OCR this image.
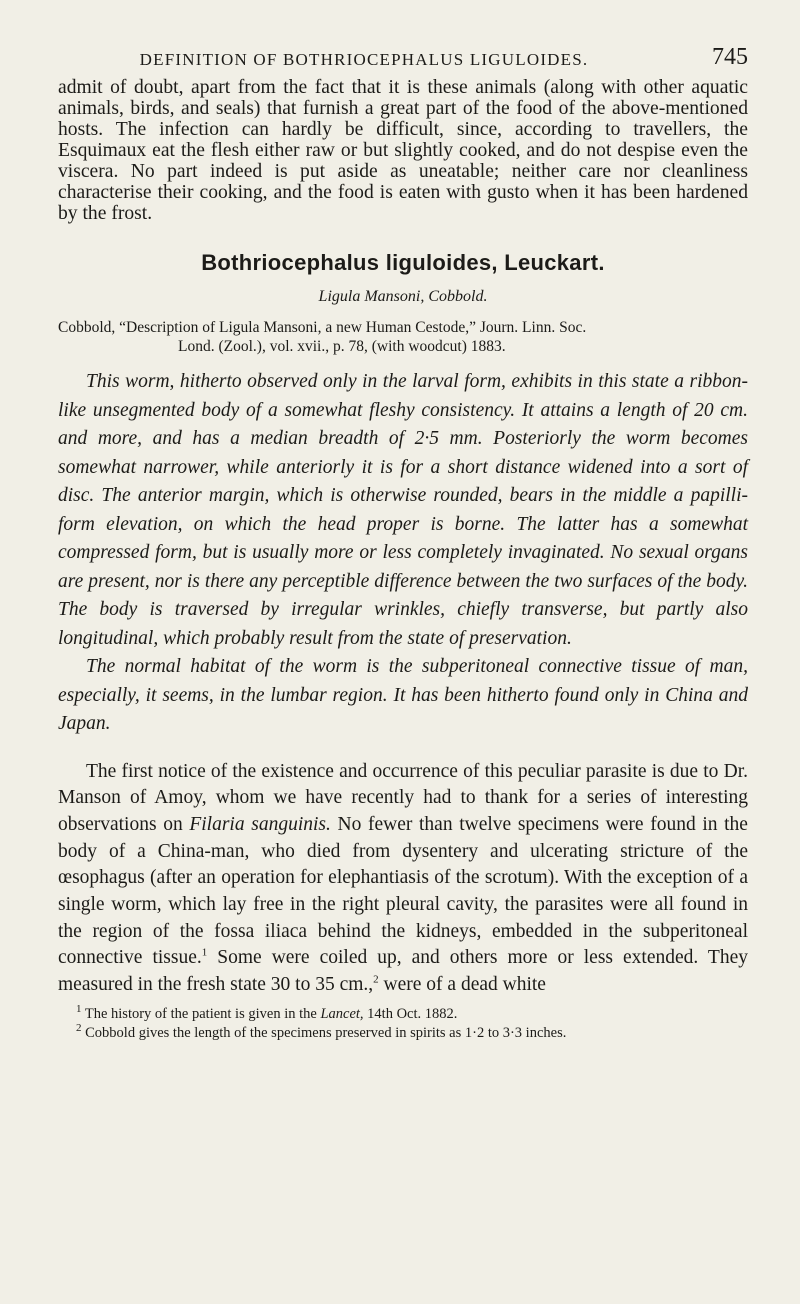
DEFINITION OF BOTHRIOCEPHALUS LIGULOIDES.	745

admit of doubt, apart from the fact that it is these animals (along with other aquatic animals, birds, and seals) that furnish a great part of the food of the above-mentioned hosts. The infection can hardly be difficult, since, according to travellers, the Esquimaux eat the flesh either raw or but slightly cooked, and do not despise even the viscera. No part indeed is put aside as uneatable; neither care nor cleanliness characterise their cooking, and the food is eaten with gusto when it has been hardened by the frost.

Bothriocephalus liguloides, Leuckart.
Ligula Mansoni, Cobbold.

Cobbold, “Description of Ligula Mansoni, a new Human Cestode,” Journ. Linn. Soc.
Lond. (Zool.), vol. xvii., p. 78, (with woodcut) 1883.

This worm, hitherto observed only in the larval form, exhibits in this state a ribbon-like unsegmented body of a somewhat fleshy consistency. It attains a length of 20 cm. and more, and has a median breadth of 2·5 mm. Posteriorly the worm becomes somewhat narrower, while anteriorly it is for a short distance widened into a sort of disc. The anterior margin, which is otherwise rounded, bears in the middle a papilli-form elevation, on which the head proper is borne. The latter has a somewhat compressed form, but is usually more or less completely invaginated. No sexual organs are present, nor is there any perceptible difference between the two surfaces of the body. The body is traversed by irregular wrinkles, chiefly transverse, but partly also longitudinal, which probably result from the state of preservation.

The normal habitat of the worm is the subperitoneal connective tissue of man, especially, it seems, in the lumbar region. It has been hitherto found only in China and Japan.

The first notice of the existence and occurrence of this peculiar parasite is due to Dr. Manson of Amoy, whom we have recently had to thank for a series of interesting observations on Filaria sanguinis. No fewer than twelve specimens were found in the body of a China-man, who died from dysentery and ulcerating stricture of the œsophagus (after an operation for elephantiasis of the scrotum). With the exception of a single worm, which lay free in the right pleural cavity, the parasites were all found in the region of the fossa iliaca behind the kidneys, embedded in the subperitoneal connective tissue.$^1$ Some were coiled up, and others more or less extended. They measured in the fresh state 30 to 35 cm.,$^2$ were of a dead white

$^1$ The history of the patient is given in the Lancet, 14th Oct. 1882.

$^2$ Cobbold gives the length of the specimens preserved in spirits as 1·2 to 3·3 inches.
